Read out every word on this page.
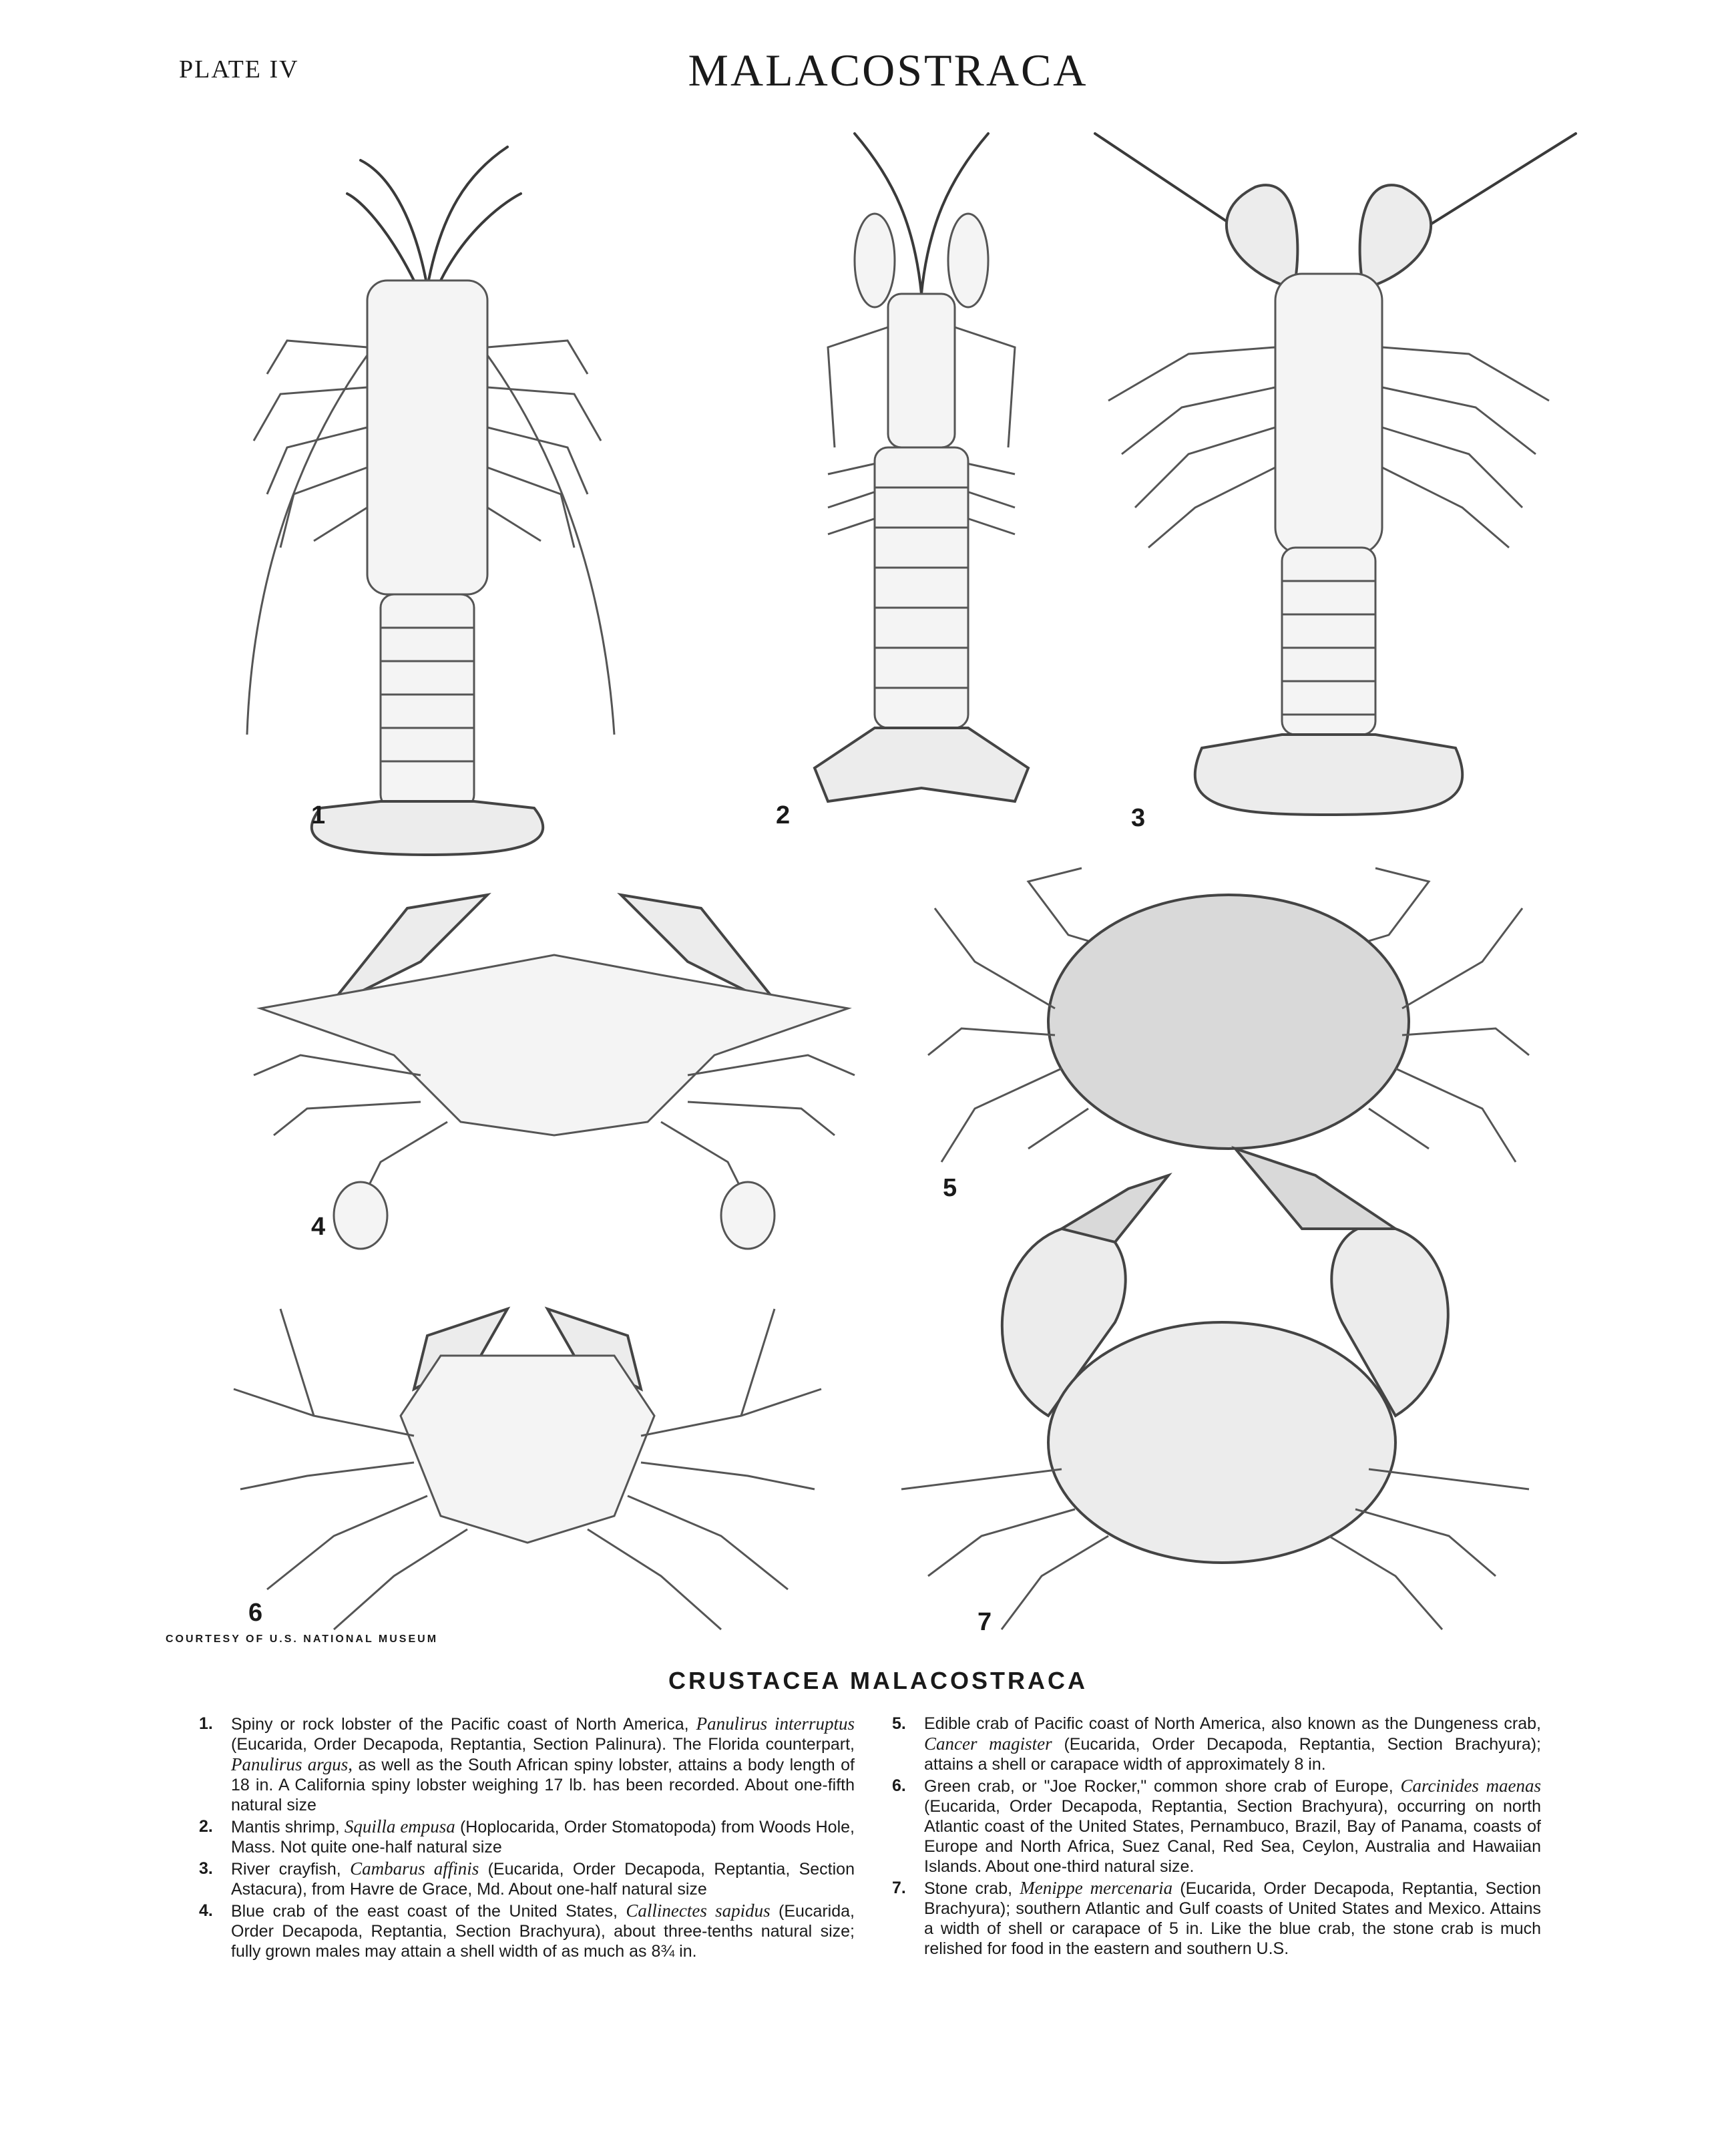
PLATE IV	MALACOSTRACA
1	2	3
4
5
6	7
COURTESY OF U.S. NATIONAL MUSEUM
CRUSTACEA MALACOSTRACA
1. Spiny or rock lobster of the Pacific coast of North America, Panulirus interruptus (Eucarida, Order Decapoda, Reptantia, Section Palinura). The Florida counterpart, Panulirus argus, as well as the South African spiny lobster, attains a body length of 18 in. A California spiny lobster weighing 17 lb. has been recorded. About one-fifth natural size
2. Mantis shrimp, Squilla empusa (Hoplocarida, Order Stomatopoda) from Woods Hole, Mass. Not quite one-half natural size
3. River crayfish, Cambarus affinis (Eucarida, Order Decapoda, Reptantia, Section Astacura), from Havre de Grace, Md. About one-half natural size
4. Blue crab of the east coast of the United States, Callinectes sapidus (Eucarida, Order Decapoda, Reptantia, Section Brachyura), about three-tenths natural size; fully grown males may attain a shell width of as much as 8¾ in.
5. Edible crab of Pacific coast of North America, also known as the Dungeness crab, Cancer magister (Eucarida, Order Decapoda, Reptantia, Section Brachyura); attains a shell or carapace width of approximately 8 in.
6. Green crab, or "Joe Rocker," common shore crab of Europe, Carcinides maenas (Eucarida, Order Decapoda, Reptantia, Section Brachyura), occurring on north Atlantic coast of the United States, Pernambuco, Brazil, Bay of Panama, coasts of Europe and North Africa, Suez Canal, Red Sea, Ceylon, Australia and Hawaiian Islands. About one-third natural size.
7. Stone crab, Menippe mercenaria (Eucarida, Order Decapoda, Reptantia, Section Brachyura); southern Atlantic and Gulf coasts of United States and Mexico. Attains a width of shell or carapace of 5 in. Like the blue crab, the stone crab is much relished for food in the eastern and southern U.S.
